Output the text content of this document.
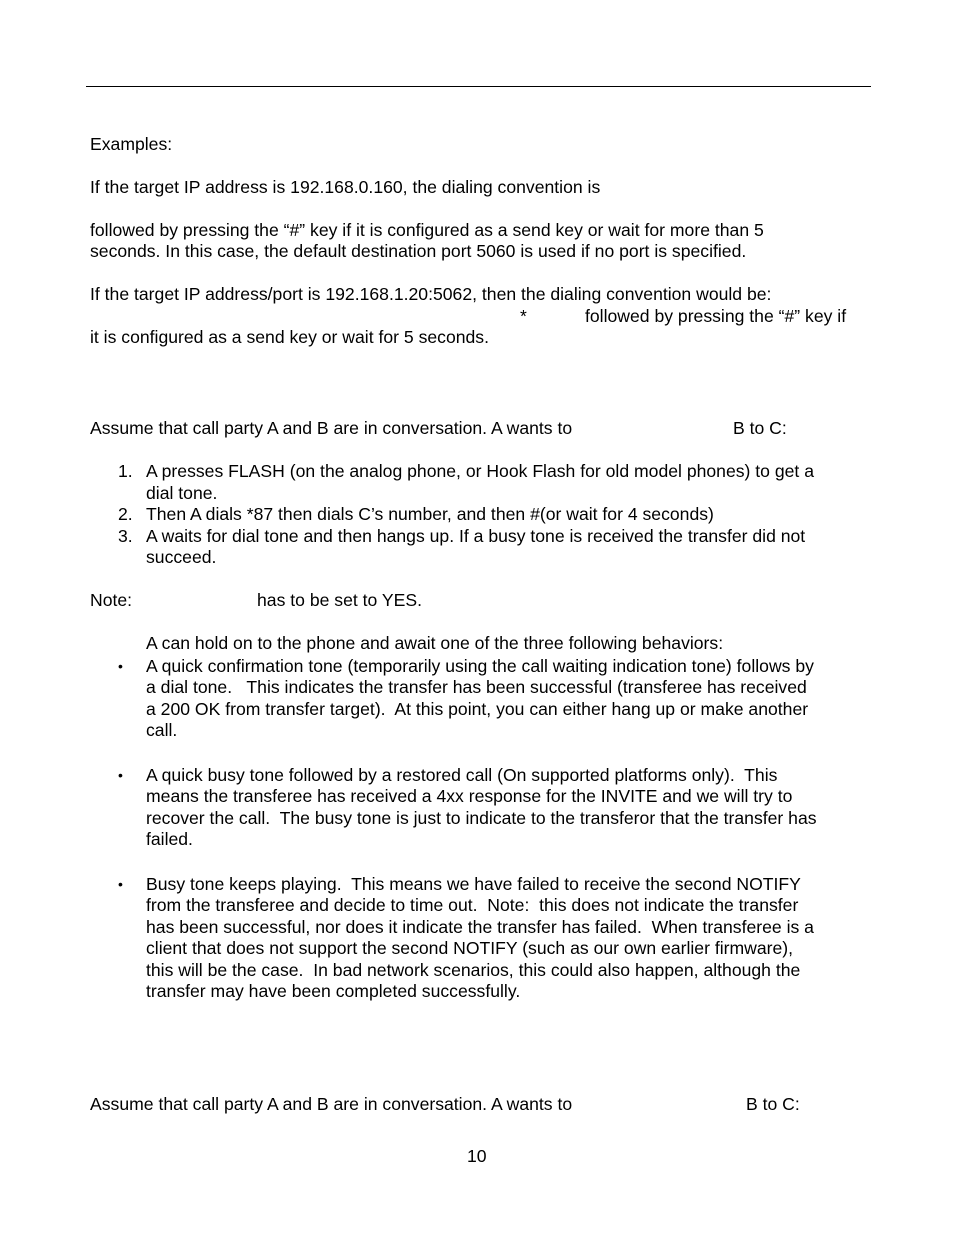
Examples:
If the target IP address is 192.168.0.160, the dialing convention is
followed by pressing the “#” key if it is configured as a send key or wait for more than 5
seconds. In this case, the default destination port 5060 is used if no port is specified.
If the target IP address/port is 192.168.1.20:5062, then the dialing convention would be:
*	followed by pressing the “#” key if
it is configured as a send key or wait for 5 seconds.
Assume that call party A and B are in conversation. A wants to	B to C:
1. A presses FLASH (on the analog phone, or Hook Flash for old model phones) to get a
dial tone.
2. Then A dials *87 then dials C’s number, and then #(or wait for 4 seconds)
3. A waits for dial tone and then hangs up. If a busy tone is received the transfer did not
succeed.
Note:	has to be set to YES.
A can hold on to the phone and await one of the three following behaviors:
• A quick confirmation tone (temporarily using the call waiting indication tone) follows by
a dial tone.   This indicates the transfer has been successful (transferee has received
a 200 OK from transfer target).  At this point, you can either hang up or make another
call.
• A quick busy tone followed by a restored call (On supported platforms only).  This
means the transferee has received a 4xx response for the INVITE and we will try to
recover the call.  The busy tone is just to indicate to the transferor that the transfer has
failed.
• Busy tone keeps playing.  This means we have failed to receive the second NOTIFY
from the transferee and decide to time out.  Note:  this does not indicate the transfer
has been successful, nor does it indicate the transfer has failed.  When transferee is a
client that does not support the second NOTIFY (such as our own earlier firmware),
this will be the case.  In bad network scenarios, this could also happen, although the
transfer may have been completed successfully.
Assume that call party A and B are in conversation. A wants to	B to C:
10
